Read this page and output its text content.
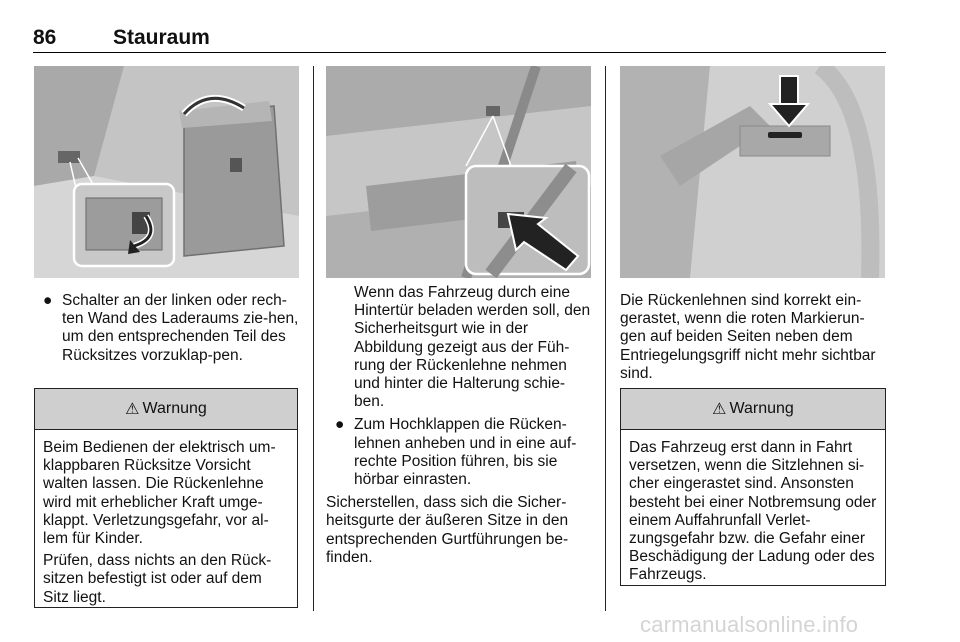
86	Stauraum
● Schalter an der linken oder rech-ten Wand des Laderaums zie-hen, um den entsprechenden Teil des Rücksitzes vorzuklap-pen.

⚠ Warnung

Beim Bedienen der elektrisch um-klappbaren Rücksitze Vorsicht walten lassen. Die Rückenlehne wird mit erheblicher Kraft umge-klappt. Verletzungsgefahr, vor al-lem für Kinder.

Prüfen, dass nichts an den Rück-sitzen befestigt ist oder auf dem Sitz liegt.

Wenn das Fahrzeug durch eine Hintertür beladen werden soll, den Sicherheitsgurt wie in der Abbildung gezeigt aus der Füh-rung der Rückenlehne nehmen und hinter die Halterung schie-ben.

● Zum Hochklappen die Rücken-lehnen anheben und in eine auf-rechte Position führen, bis sie hörbar einrasten.

Sicherstellen, dass sich die Sicher-heitsgurte der äußeren Sitze in den entsprechenden Gurtführungen be-finden.

Die Rückenlehnen sind korrekt ein-gerastet, wenn die roten Markierun-gen auf beiden Seiten neben dem Entriegelungsgriff nicht mehr sichtbar sind.

⚠ Warnung

Das Fahrzeug erst dann in Fahrt versetzen, wenn die Sitzlehnen si-cher eingerastet sind. Ansonsten besteht bei einer Notbremsung oder einem Auffahrunfall Verlet-zungsgefahr bzw. die Gefahr einer Beschädigung der Ladung oder des Fahrzeugs.

carmanualsonline.info
